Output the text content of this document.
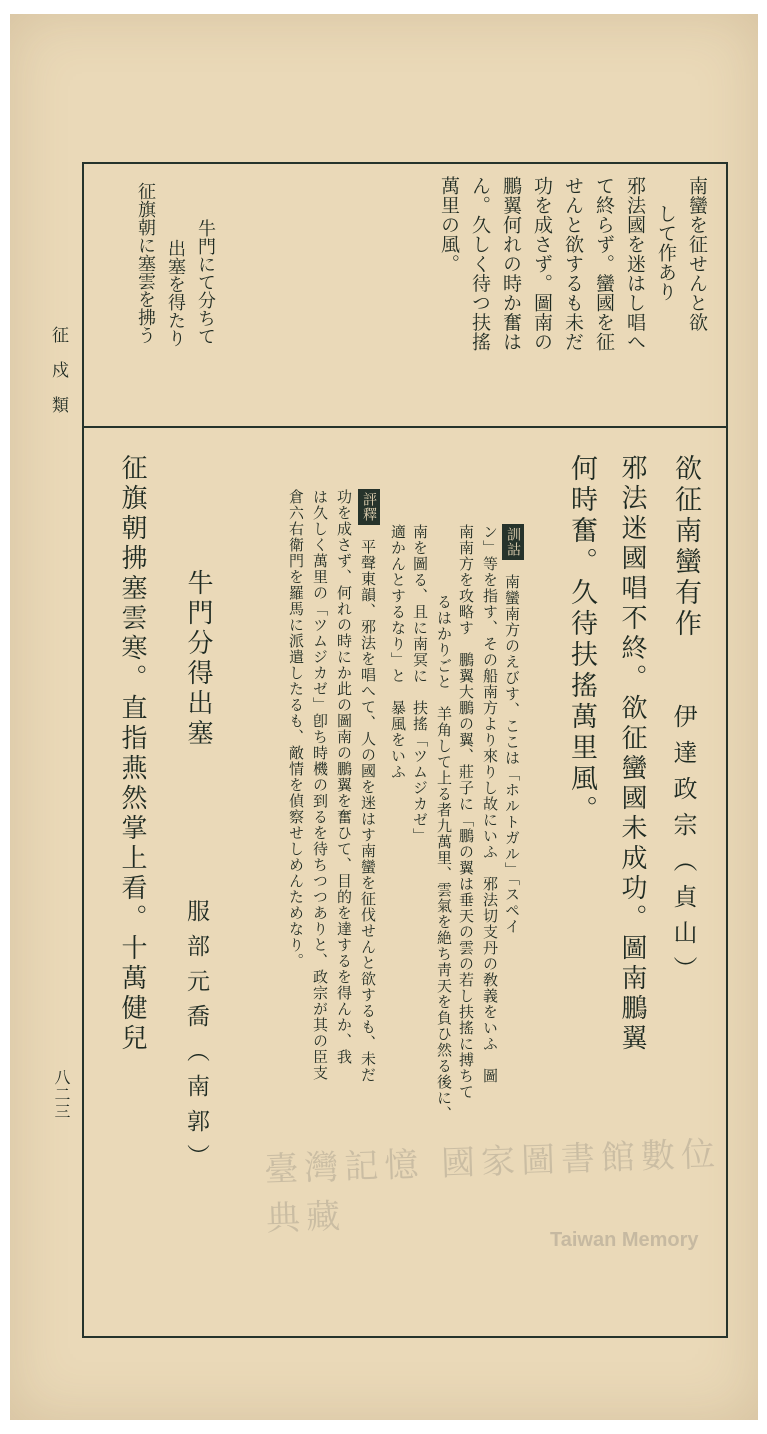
征戍類
八二三
南蠻を征せんと欲
して作あり
邪法國を迷はし唱へ
て終らず。蠻國を征
せんと欲するも未だ
功を成さず。圖南の
鵬翼何れの時か奮は
ん。久しく待つ扶搖
萬里の風。
牛門にて分ちて
出塞を得たり
征旗朝に塞雲を拂う
欲征南蠻有作
伊達政宗（貞山）
邪法迷國唱不終。欲征蠻國未成功。圖南鵬翼
何時奮。久待扶搖萬里風。
訓詁
南蠻南方のえびす、ここは「ホルトガル」「スペイ
ン」等を指す、その船南方より來りし故にいふ　邪法切支丹の敎義をいふ　圖
南南方を攻略す　鵬翼大鵬の翼、莊子に「鵬の翼は垂天の雲の若し扶搖に搏ちて
るはかりごと　羊角して上る者九萬里、雲氣を絶ち靑天を負ひ然る後に、
南を圖る、且に南冥に　扶搖「ツムジカゼ」
適かんとするなり」と　暴風をいふ
評釋
平聲東韻、邪法を唱へて、人の國を迷はす南蠻を征伐せんと欲するも、未だ
功を成さず、何れの時にか此の圖南の鵬翼を奮ひて、目的を達するを得んか、我
は久しく萬里の「ツムジカゼ」卽ち時機の到るを待ちつつありと、政宗が其の臣支
倉六右衛門を羅馬に派遣したるも、敵情を偵察せしめんためなり。
牛門分得出塞
服部元喬（南郭）
征旗朝拂塞雲寒。直指燕然掌上看。十萬健兒
臺灣記憶 國家圖書館數位典藏
Taiwan Memory
